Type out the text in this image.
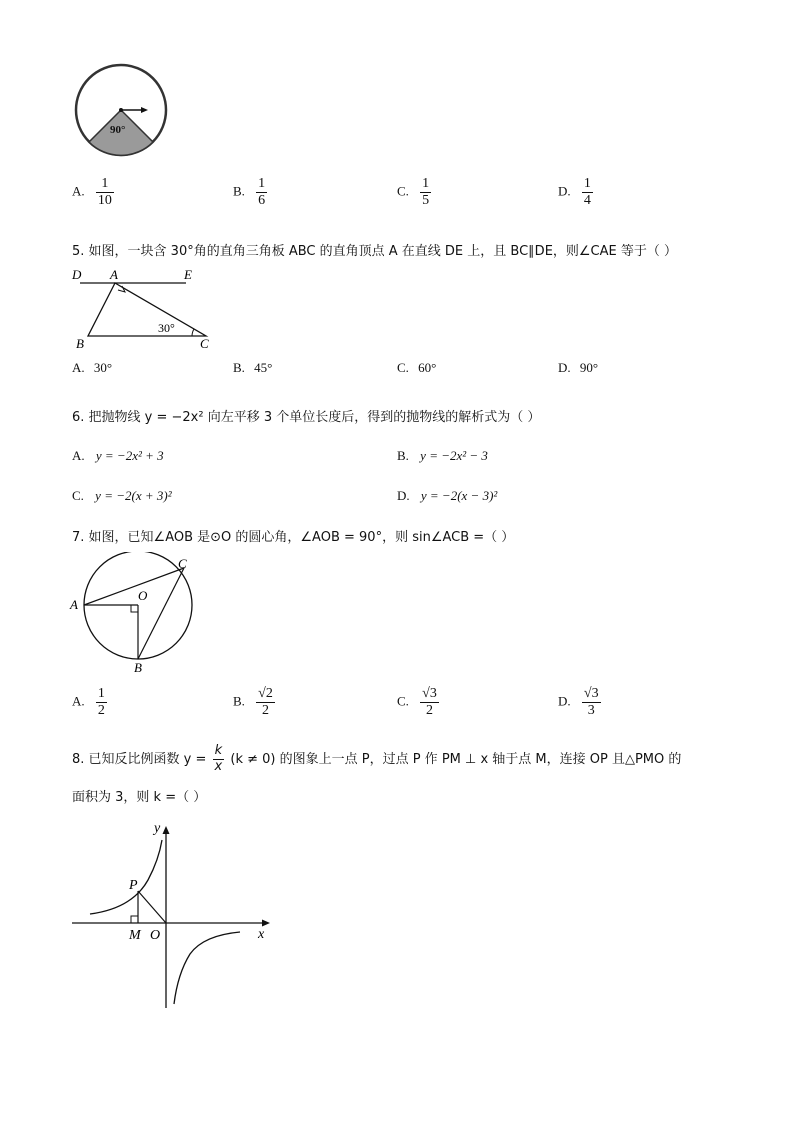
90°
A. $\frac{1}{10}$	B. $\frac{1}{6}$	C. $\frac{1}{5}$	D. $\frac{1}{4}$
5. 如图，一块含 30°角的直角三角板 ABC 的直角顶点 A 在直线 DE 上，且 BC∥DE，则∠CAE 等于（ ）
D A	E
B	C
30°
A. 30°	B. 45°	C. 60°	D. 90°
6. 把抛物线 y = −2x² 向左平移 3 个单位长度后，得到的抛物线的解析式为（ ）
A. y = −2x² + 3	B. y = −2x² − 3
C. y = −2(x + 3)²	D. y = −2(x − 3)²
7. 如图，已知∠AOB 是⊙O 的圆心角，∠AOB = 90°，则 sin∠ACB =（ ）
A
O
B
C
A. $\frac{1}{2}$	B. $\frac{√2}{2}$	C. $\frac{√3}{2}$	D. $\frac{√3}{3}$
8. 已知反比例函数 $y = \frac{k}{x} (k \ne 0)$ 的图象上一点 P，过点 P 作 PM ⊥ x 轴于点 M，连接 OP 且△PMO 的
面积为 3，则 k =（ ）
y
x
P
M O
